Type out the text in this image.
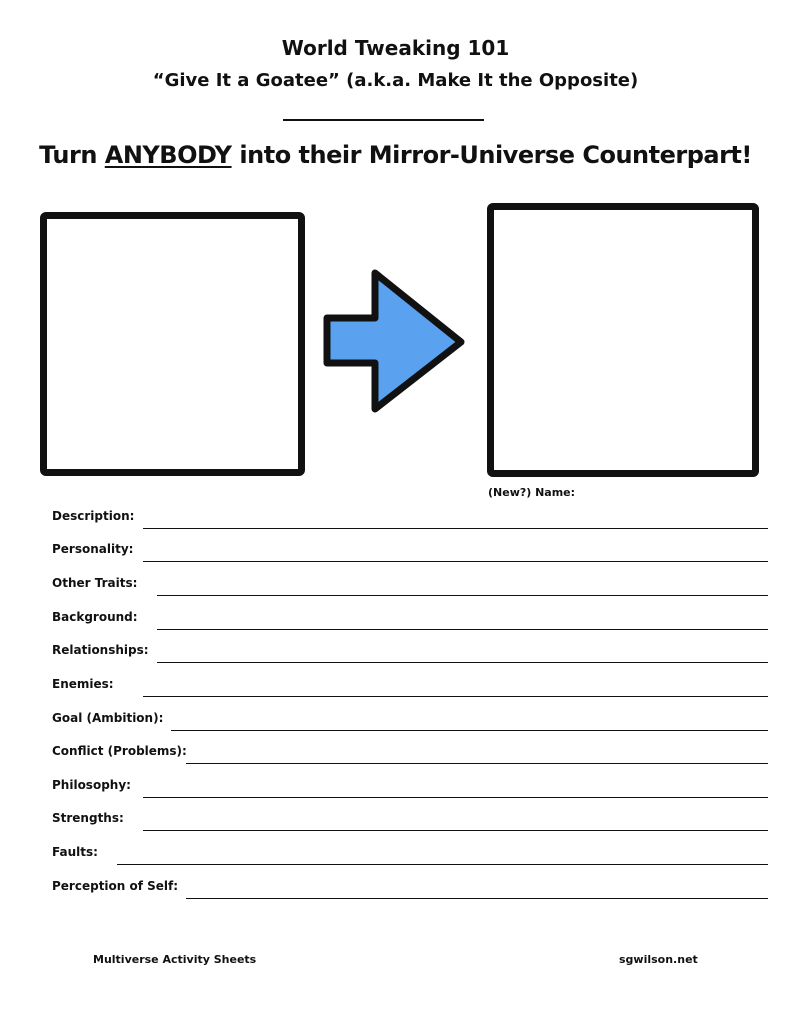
World Tweaking 101
“Give It a Goatee” (a.k.a. Make It the Opposite)
Turn ANYBODY into their Mirror-Universe Counterpart!
(New?) Name:
Description:
Personality:
Other Traits:
Background:
Relationships:
Enemies:
Goal (Ambition):
Conflict (Problems):
Philosophy:
Strengths:
Faults:
Perception of Self:
Multiverse Activity Sheets	sgwilson.net
